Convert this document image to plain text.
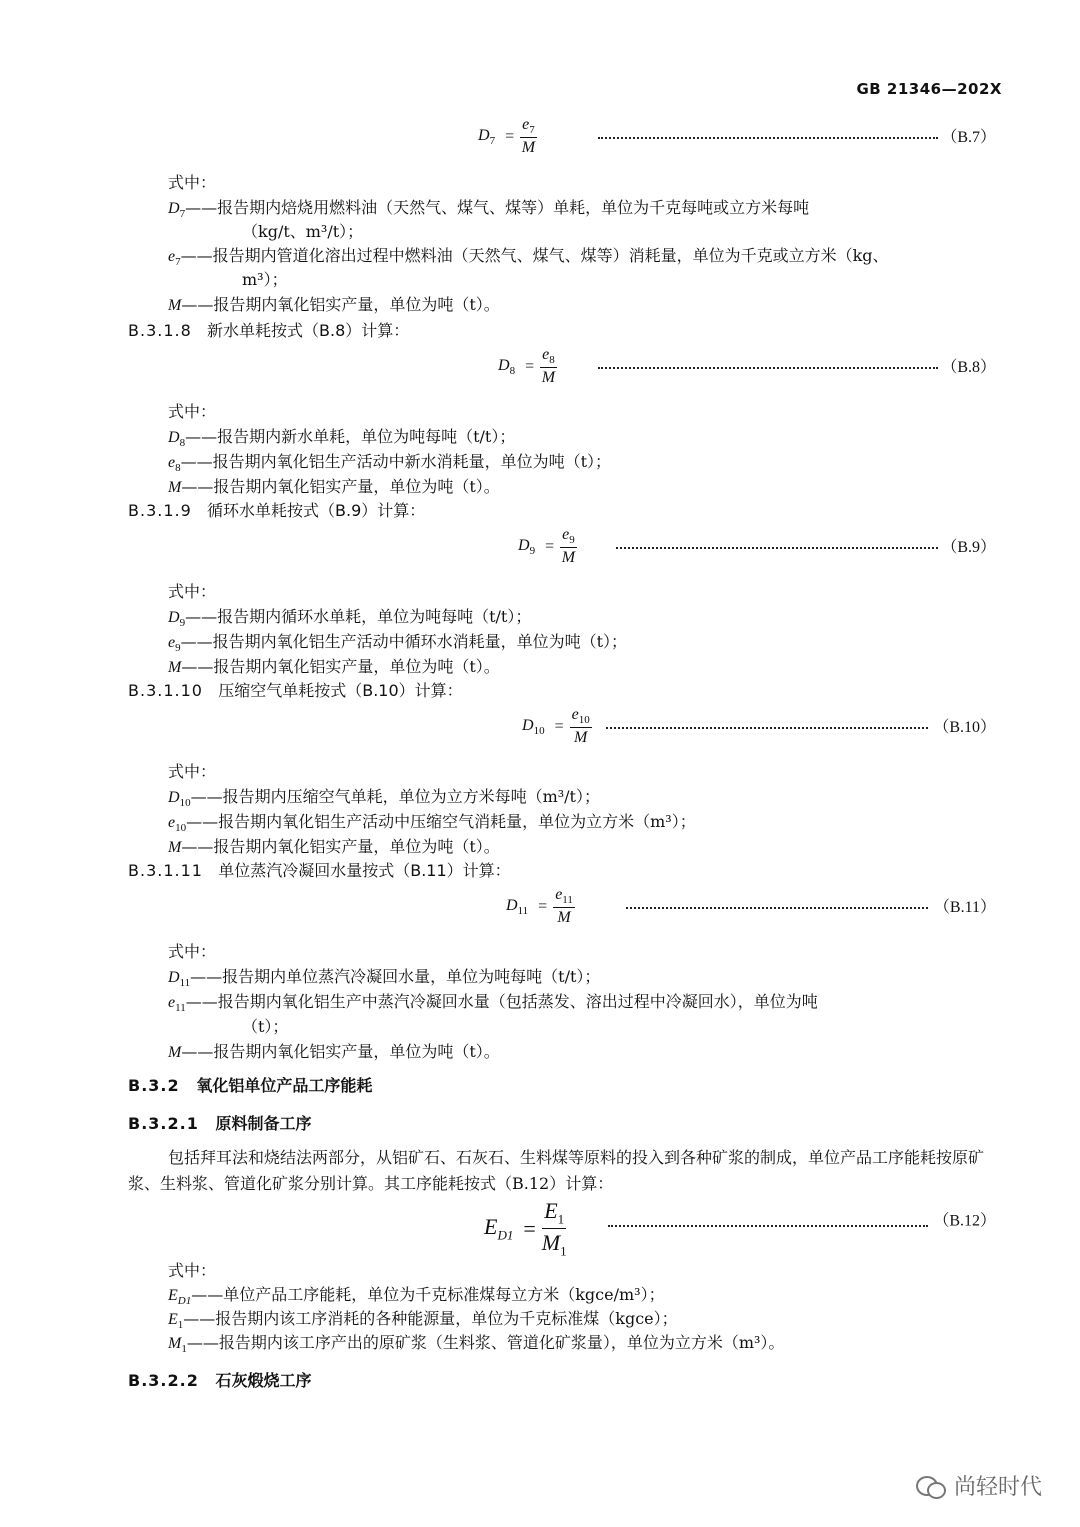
GB 21346—202X
$D_7 = \frac{e_7}{M}$	（B.7）
式中：
$D_7——$报告期内焙烧用燃料油（天然气、煤气、煤等）单耗，单位为千克每吨或立方米每吨
（kg/t、m³/t）；
$e_7——$报告期内管道化溶出过程中燃料油（天然气、煤气、煤等）消耗量，单位为千克或立方米（kg、
m³）；
M——报告期内氧化铝实产量，单位为吨（t）。
B.3.1.8 新水单耗按式（B.8）计算：
$D_8 = \frac{e_8}{M}$	（B.8）
式中：
$D_8——$报告期内新水单耗，单位为吨每吨（t/t）；
$e_8——$报告期内氧化铝生产活动中新水消耗量，单位为吨（t）；
M——报告期内氧化铝实产量，单位为吨（t）。
B.3.1.9 循环水单耗按式（B.9）计算：
$D_9 = \frac{e_9}{M}$	（B.9）
式中：
$D_9——$报告期内循环水单耗，单位为吨每吨（t/t）；
$e_9——$报告期内氧化铝生产活动中循环水消耗量，单位为吨（t）；
M——报告期内氧化铝实产量，单位为吨（t）。
B.3.1.10 压缩空气单耗按式（B.10）计算：
$D_{10} = \frac{e_{10}}{M}$	（B.10）
式中：
$D_{10}——$报告期内压缩空气单耗，单位为立方米每吨（m³/t）；
$e_{10}——$报告期内氧化铝生产活动中压缩空气消耗量，单位为立方米（m³）；
M——报告期内氧化铝实产量，单位为吨（t）。
B.3.1.11 单位蒸汽冷凝回水量按式（B.11）计算：
$D_{11} = \frac{e_{11}}{M}$	（B.11）
式中：
$D_{11}——$报告期内单位蒸汽冷凝回水量，单位为吨每吨（t/t）；
$e_{11}——$报告期内氧化铝生产中蒸汽冷凝回水量（包括蒸发、溶出过程中冷凝回水），单位为吨
（t）；
M——报告期内氧化铝实产量，单位为吨（t）。
B.3.2 氧化铝单位产品工序能耗
B.3.2.1 原料制备工序
包括拜耳法和烧结法两部分，从铝矿石、石灰石、生料煤等原料的投入到各种矿浆的制成，单位产品工序能耗按原矿浆、生料浆、管道化矿浆分别计算。其工序能耗按式（B.12）计算：
$E_{D1} = \frac{E_1}{M_1}$	（B.12）
式中：
$E_{D1}——$单位产品工序能耗，单位为千克标准煤每立方米（kgce/m³）；
$E_1——$报告期内该工序消耗的各种能源量，单位为千克标准煤（kgce）；
$M_1——$报告期内该工序产出的原矿浆（生料浆、管道化矿浆量），单位为立方米（m³）。
B.3.2.2 石灰煅烧工序
尚轻时代
